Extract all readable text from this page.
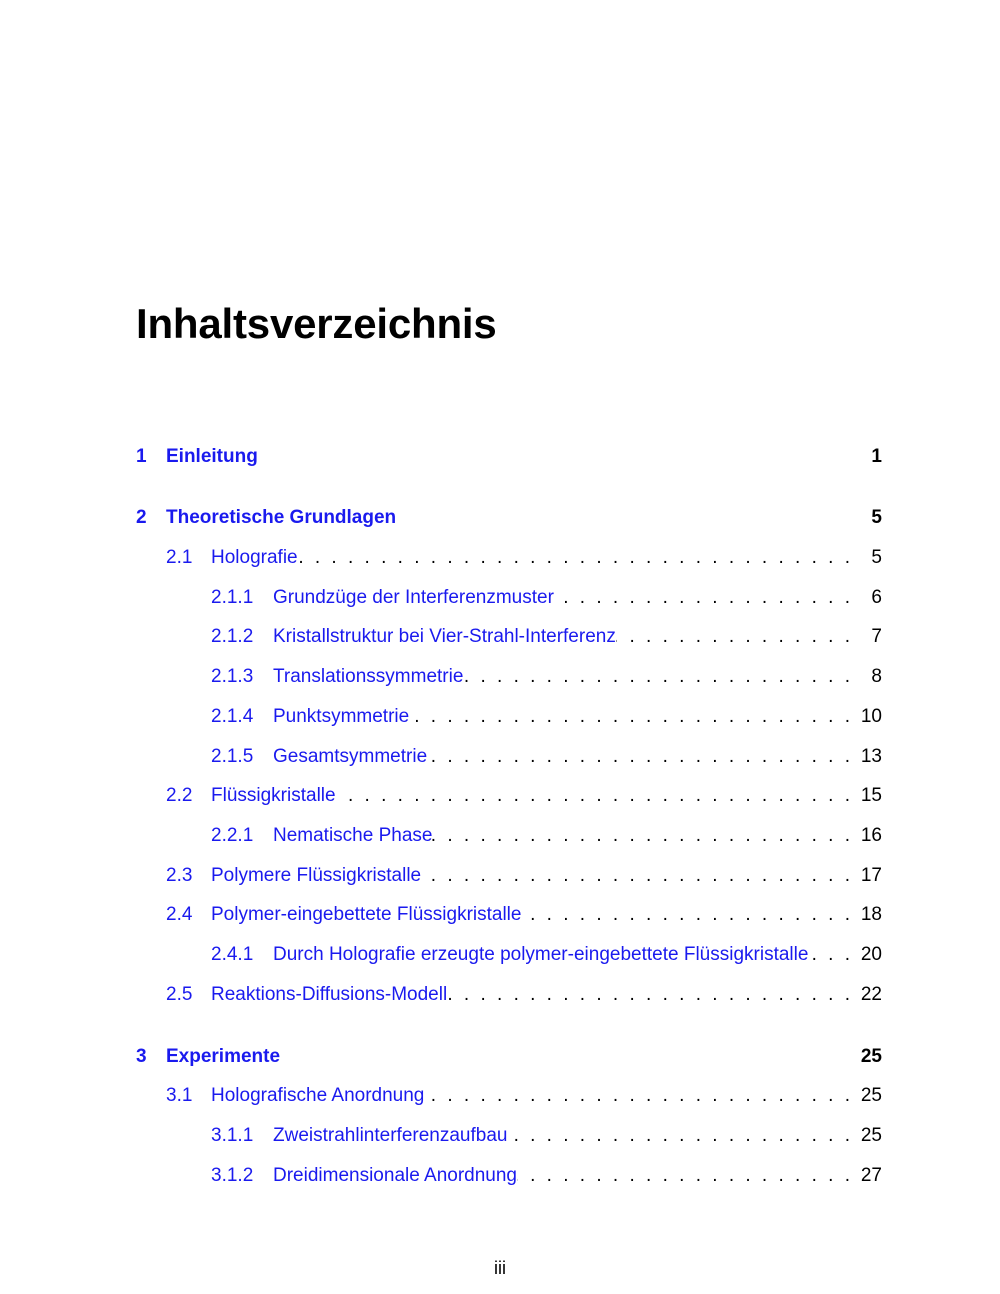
Inhaltsverzeichnis
1	Einleitung	1
2	Theoretische Grundlagen	5
2.1 Holografie . . .	5
2.1.1	Grundzüge der Interferenzmuster . . .	6
2.1.2	Kristallstruktur bei Vier-Strahl-Interferenz . . .	7
2.1.3	Translationssymmetrie . . .	8
2.1.4	Punktsymmetrie . . .	10
2.1.5	Gesamtsymmetrie . . .	13
2.2 Flüssigkristalle . . .	15
2.2.1	Nematische Phase . . .	16
2.3 Polymere Flüssigkristalle . . .	17
2.4 Polymer-eingebettete Flüssigkristalle . . .	18
2.4.1	Durch Holografie erzeugte polymer-eingebettete Flüssigkristalle . . .	20
2.5 Reaktions-Diffusions-Modell . . .	22
3	Experimente	25
3.1 Holografische Anordnung . . .	25
3.1.1	Zweistrahlinterferenzaufbau . . .	25
3.1.2	Dreidimensionale Anordnung . . .	27
iii
